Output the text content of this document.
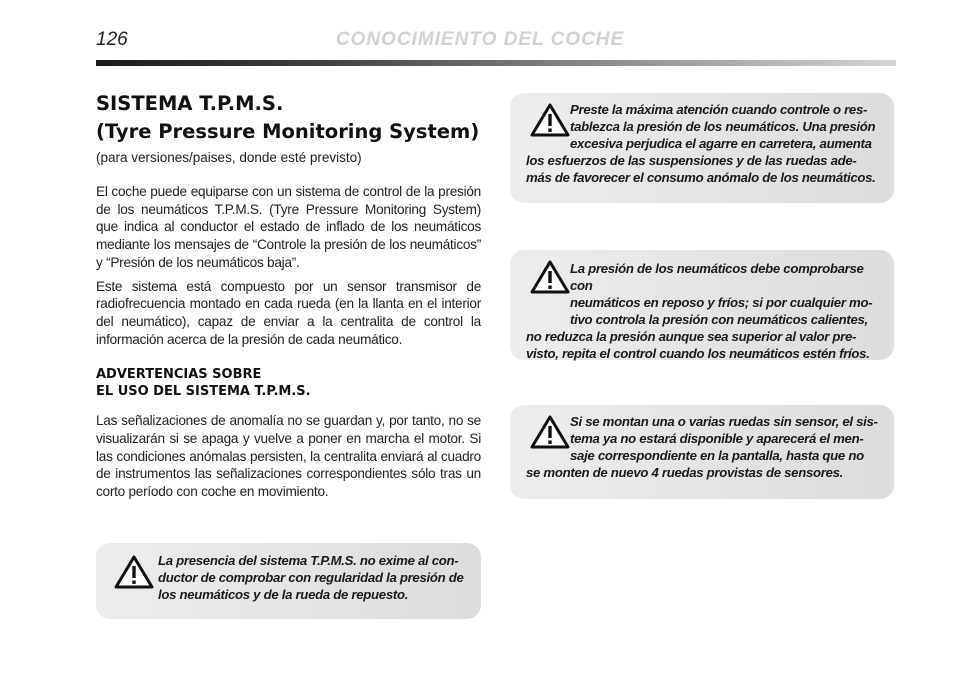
126	CONOCIMIENTO DEL COCHE
SISTEMA T.P.M.S.
(Tyre Pressure Monitoring System)

(para versiones/paises, donde esté previsto)

El coche puede equiparse con un sistema de control de la presión de los neumáticos T.P.M.S. (Tyre Pressure Monitoring System) que indica al conductor el estado de inflado de los neumáticos mediante los mensajes de “Controle la presión de los neumáticos” y “Presión de los neumáticos baja”.

Este sistema está compuesto por un sensor transmisor de radiofrecuencia montado en cada rueda (en la llanta en el interior del neumático), capaz de enviar a la centralita de control la información acerca de la presión de cada neumático.

ADVERTENCIAS SOBRE
EL USO DEL SISTEMA T.P.M.S.

Las señalizaciones de anomalía no se guardan y, por tanto, no se visualizarán si se apaga y vuelve a poner en marcha el motor. Si las condiciones anómalas persisten, la centralita enviará al cuadro de instrumentos las señalizaciones correspondientes sólo tras un corto período con coche en movimiento.

Preste la máxima atención cuando controle o res-
tablezca la presión de los neumáticos. Una presión
excesiva perjudica el agarre en carretera, aumenta
los esfuerzos de las suspensiones y de las ruedas ade-
más de favorecer el consumo anómalo de los neumáticos.
La presión de los neumáticos debe comprobarse con
neumáticos en reposo y fríos; si por cualquier mo-
tivo controla la presión con neumáticos calientes,
no reduzca la presión aunque sea superior al valor pre-
visto, repita el control cuando los neumáticos estén fríos.
Si se montan una o varias ruedas sin sensor, el sis-
tema ya no estará disponible y aparecerá el men-
saje correspondiente en la pantalla, hasta que no
se monten de nuevo 4 ruedas provistas de sensores.
La presencia del sistema T.P.M.S. no exime al con-
ductor de comprobar con regularidad la presión de
los neumáticos y de la rueda de repuesto.
